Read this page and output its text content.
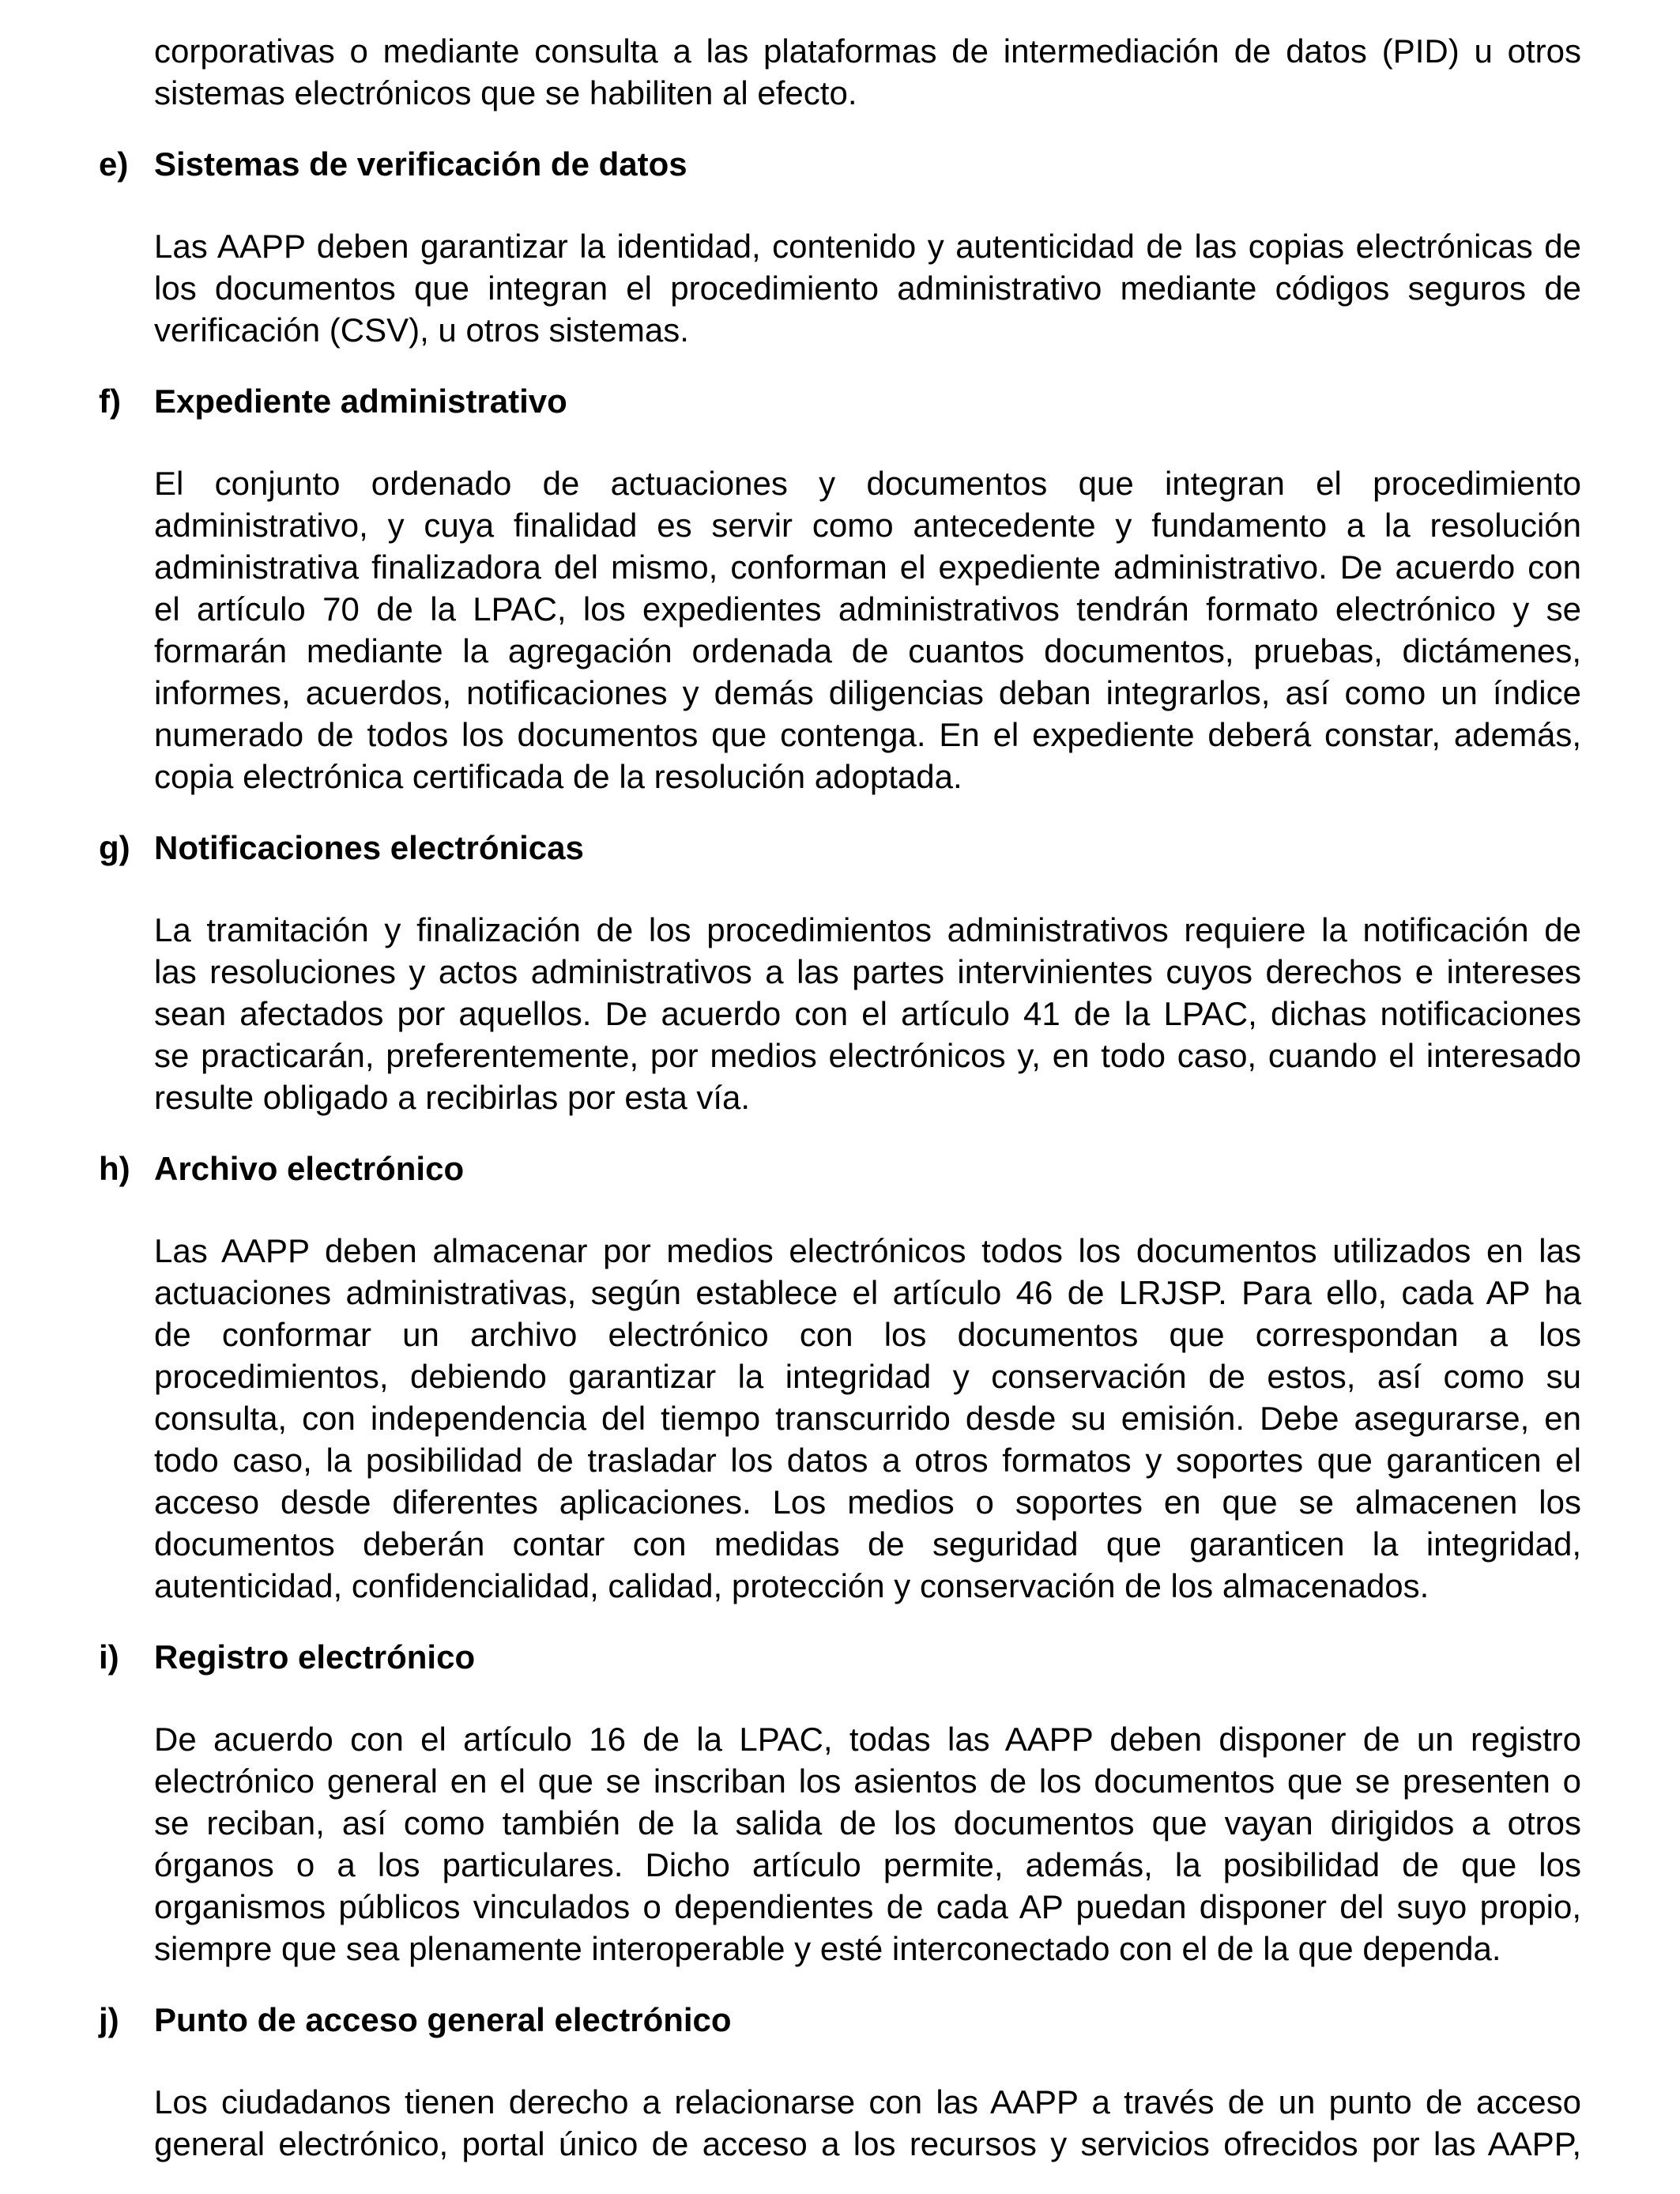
corporativas o mediante consulta a las plataformas de intermediación de datos (PID) u otros
sistemas electrónicos que se habiliten al efecto.
e) Sistemas de verificación de datos
Las AAPP deben garantizar la identidad, contenido y autenticidad de las copias electrónicas de
los documentos que integran el procedimiento administrativo mediante códigos seguros de
verificación (CSV), u otros sistemas.
f) Expediente administrativo
El conjunto ordenado de actuaciones y documentos que integran el procedimiento
administrativo, y cuya finalidad es servir como antecedente y fundamento a la resolución
administrativa finalizadora del mismo, conforman el expediente administrativo. De acuerdo con
el artículo 70 de la LPAC, los expedientes administrativos tendrán formato electrónico y se
formarán mediante la agregación ordenada de cuantos documentos, pruebas, dictámenes,
informes, acuerdos, notificaciones y demás diligencias deban integrarlos, así como un índice
numerado de todos los documentos que contenga. En el expediente deberá constar, además,
copia electrónica certificada de la resolución adoptada.
g) Notificaciones electrónicas
La tramitación y finalización de los procedimientos administrativos requiere la notificación de
las resoluciones y actos administrativos a las partes intervinientes cuyos derechos e intereses
sean afectados por aquellos. De acuerdo con el artículo 41 de la LPAC, dichas notificaciones
se practicarán, preferentemente, por medios electrónicos y, en todo caso, cuando el interesado
resulte obligado a recibirlas por esta vía.
h) Archivo electrónico
Las AAPP deben almacenar por medios electrónicos todos los documentos utilizados en las
actuaciones administrativas, según establece el artículo 46 de LRJSP. Para ello, cada AP ha
de conformar un archivo electrónico con los documentos que correspondan a los
procedimientos, debiendo garantizar la integridad y conservación de estos, así como su
consulta, con independencia del tiempo transcurrido desde su emisión. Debe asegurarse, en
todo caso, la posibilidad de trasladar los datos a otros formatos y soportes que garanticen el
acceso desde diferentes aplicaciones. Los medios o soportes en que se almacenen los
documentos deberán contar con medidas de seguridad que garanticen la integridad,
autenticidad, confidencialidad, calidad, protección y conservación de los almacenados.
i) Registro electrónico
De acuerdo con el artículo 16 de la LPAC, todas las AAPP deben disponer de un registro
electrónico general en el que se inscriban los asientos de los documentos que se presenten o
se reciban, así como también de la salida de los documentos que vayan dirigidos a otros
órganos o a los particulares. Dicho artículo permite, además, la posibilidad de que los
organismos públicos vinculados o dependientes de cada AP puedan disponer del suyo propio,
siempre que sea plenamente interoperable y esté interconectado con el de la que dependa.
j) Punto de acceso general electrónico
Los ciudadanos tienen derecho a relacionarse con las AAPP a través de un punto de acceso
general electrónico, portal único de acceso a los recursos y servicios ofrecidos por las AAPP,
